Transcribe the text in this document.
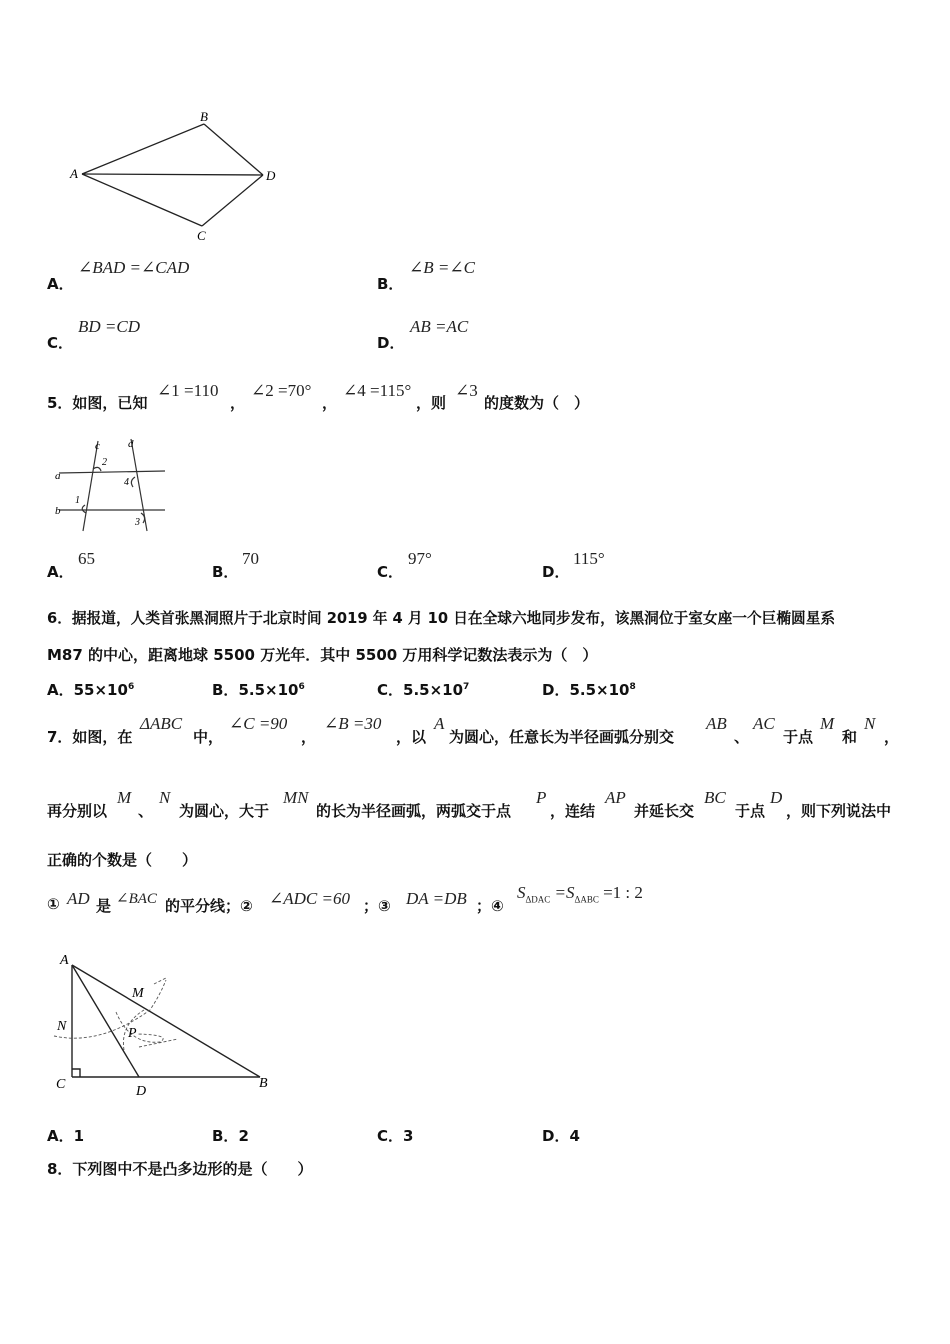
A
B
D
C
A．
∠BAD =∠CAD
B．
∠B =∠C
C．
BD =CD
D．
AB =AC
5．如图，已知
∠1 =110
，
∠2 =70°
，
∠4 =115°
，则
∠3
的度数为（　）
c	d
a
b
1
2
3
4
A．
65
B．
70
C．
97°
D．
115°
6．据报道，人类首张黑洞照片于北京时间 2019 年 4 月 10 日在全球六地同步发布，该黑洞位于室女座一个巨椭圆星系
M87 的中心，距离地球 5500 万光年．其中 5500 万用科学记数法表示为（　）
A．$55\times 10^6$	B．$5.5\times 10^6$	C．$5.5\times 10^7$	D．$5.5\times 10^8$
7．如图，在
ΔABC
中，
∠C =90
，
∠B =30
，以
A
为圆心，任意长为半径画弧分别交
AB
、
AC
于点
M
和
N
，
再分别以
M
、
N
为圆心，大于
MN
的长为半径画弧，两弧交于点
P
，连结
AP
并延长交
BC
于点
D
，则下列说法中
正确的个数是（　　）
① AD 是 ∠BAC 的平分线；② ∠ADC =60 ；③ DA =DB ；④
$S_{\Delta DAC} =S_{\Delta ABC} =1$ : 2
A
M
N	P
C	D
B
A．1	B．2	C．3	D．4
8．下列图中不是凸多边形的是（　　）
